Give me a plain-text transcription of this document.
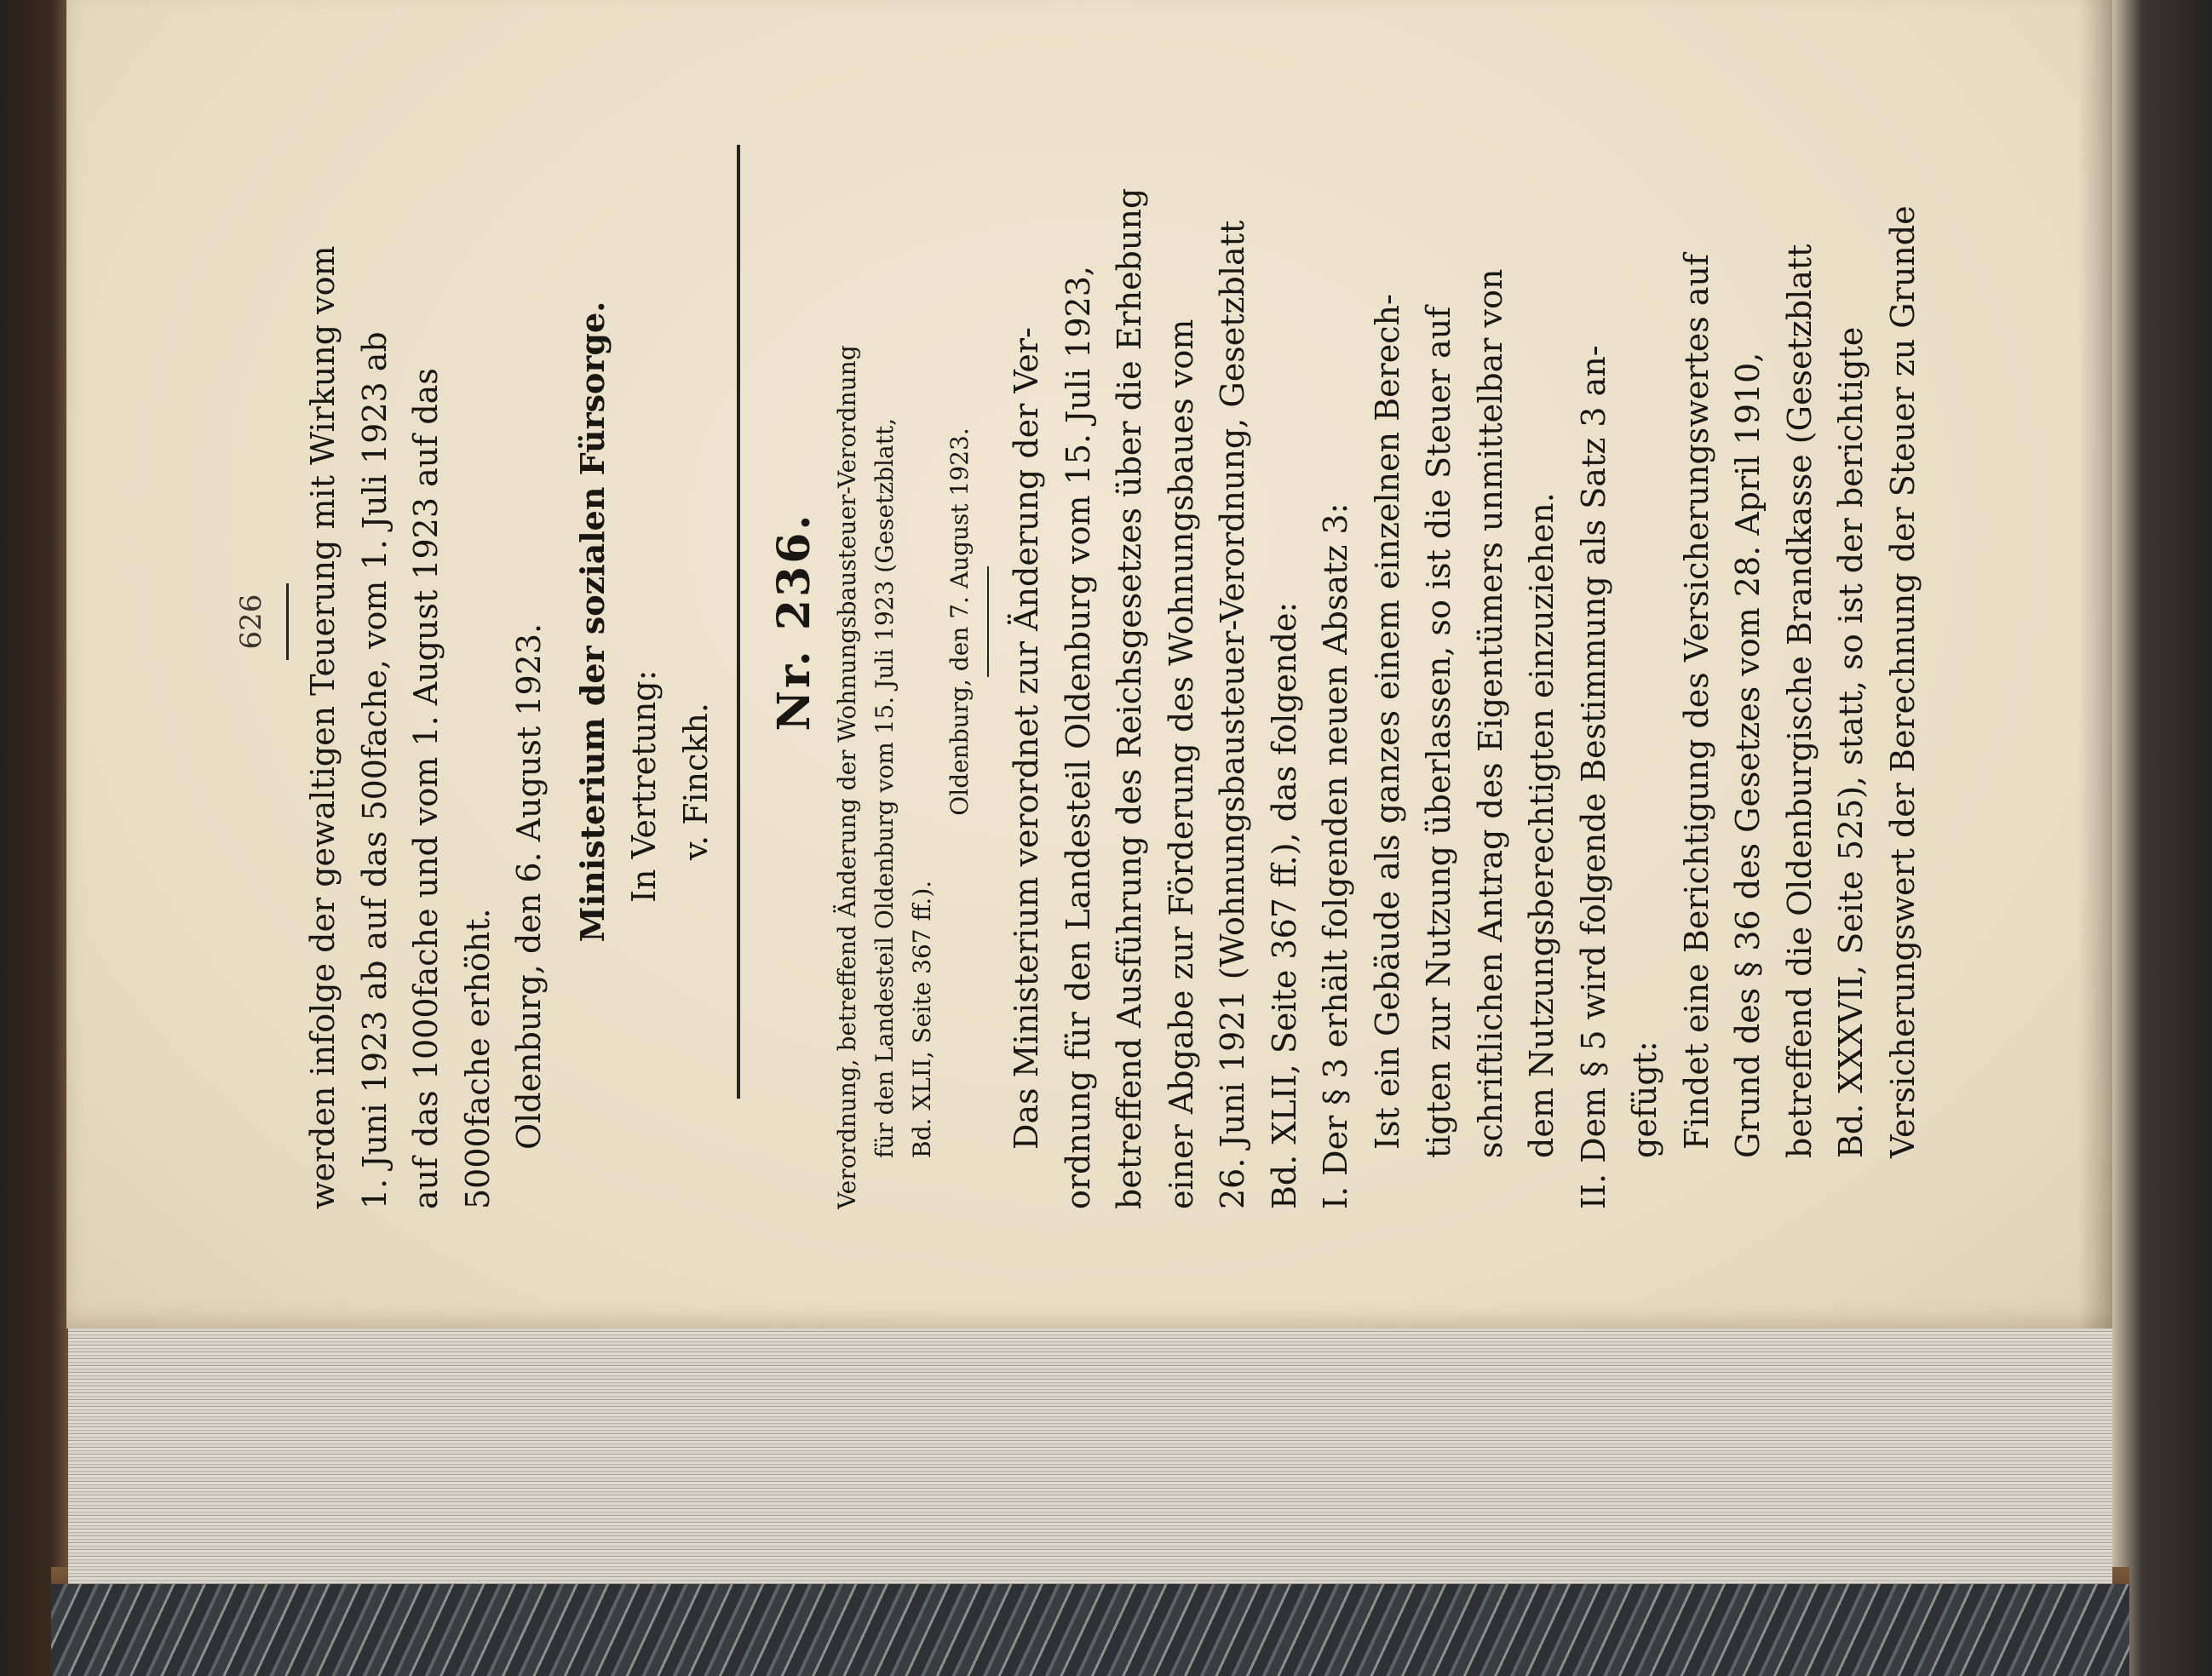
626	werden infolge der gewaltigen Teuerung mit Wirkung vom 1. Juni 1923 ab auf das 500fache, vom 1. Juli 1923 ab auf das 1000fache und vom 1. August 1923 auf das 5000fache erhöht. Oldenburg, den 6. August 1923. Ministerium der sozialen Fürsorge. In Vertretung: v. Finckh.
Nr. 236. Verordnung, betreffend Änderung der Wohnungsbausteuer-Verordnung für den Landesteil Oldenburg vom 15. Juli 1923 (Gesetzblatt, Bd. XLII, Seite 367 ff.).
Oldenburg, den 7. August 1923. Das Ministerium verordnet zur Änderung der Ver- ordnung für den Landesteil Oldenburg vom 15. Juli 1923, betreffend Ausführung des Reichsgesetzes über die Erhebung einer Abgabe zur Förderung des Wohnungsbaues vom 26. Juni 1921 (Wohnungsbausteuer-Verordnung, Gesetzblatt Bd. XLII, Seite 367 ff.), das folgende: I. Der § 3 erhält folgenden neuen Absatz 3: Ist ein Gebäude als ganzes einem einzelnen Berech- tigten zur Nutzung überlassen, so ist die Steuer auf schriftlichen Antrag des Eigentümers unmittelbar von dem Nutzungsberechtigten einzuziehen. II. Dem § 5 wird folgende Bestimmung als Satz 3 an- gefügt: Findet eine Berichtigung des Versicherungswertes auf Grund des § 36 des Gesetzes vom 28. April 1910, betreffend die Oldenburgische Brandkasse (Gesetzblatt Bd. XXXVII, Seite 525), statt, so ist der berichtigte Versicherungswert der Berechnung der Steuer zu Grunde
